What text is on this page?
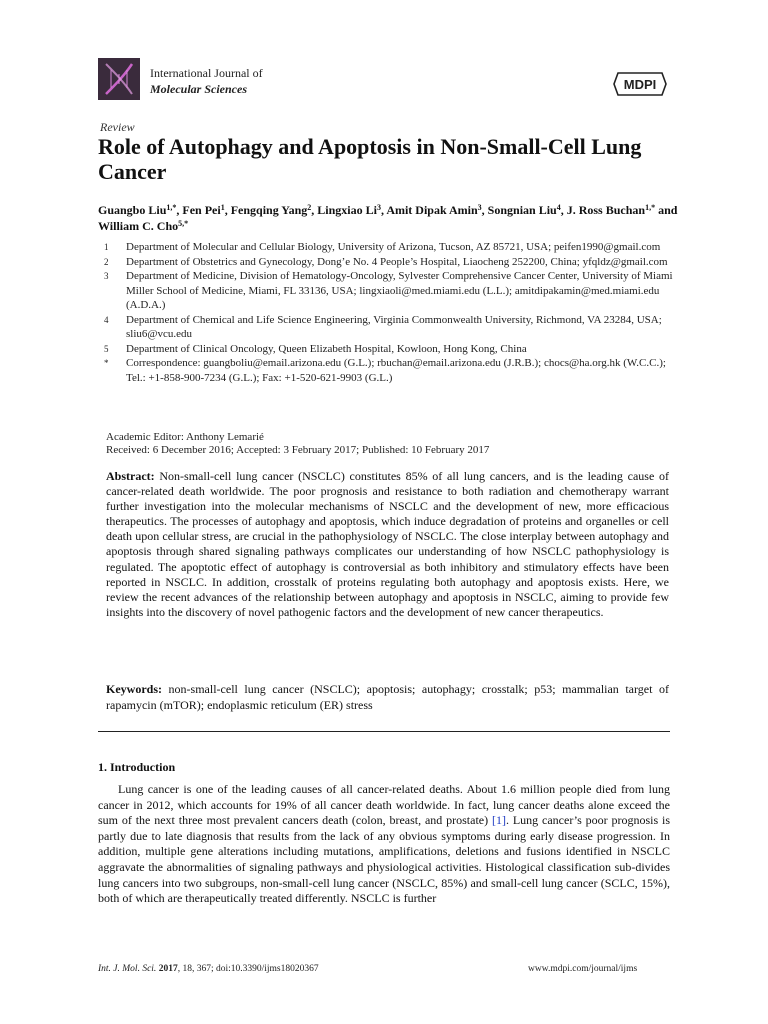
International Journal of
Molecular Sciences	MDPI
Review
Role of Autophagy and Apoptosis in Non-Small-Cell Lung Cancer
Guangbo Liu$^{1,*}$, Fen Pei$^1$, Fengqing Yang$^2$, Lingxiao Li$^3$, Amit Dipak Amin$^3$, Songnian Liu$^4$, J. Ross Buchan$^{1,*}$ and William C. Cho$^{5,*}$
1 Department of Molecular and Cellular Biology, University of Arizona, Tucson, AZ 85721, USA; peifen1990@gmail.com
2 Department of Obstetrics and Gynecology, Dong’e No. 4 People’s Hospital, Liaocheng 252200, China; yfqldz@gmail.com
3 Department of Medicine, Division of Hematology-Oncology, Sylvester Comprehensive Cancer Center, University of Miami Miller School of Medicine, Miami, FL 33136, USA; lingxiaoli@med.miami.edu (L.L.); amitdipakamin@med.miami.edu (A.D.A.)
4 Department of Chemical and Life Science Engineering, Virginia Commonwealth University, Richmond, VA 23284, USA; sliu6@vcu.edu
5 Department of Clinical Oncology, Queen Elizabeth Hospital, Kowloon, Hong Kong, China
* Correspondence: guangboliu@email.arizona.edu (G.L.); rbuchan@email.arizona.edu (J.R.B.); chocs@ha.org.hk (W.C.C.); Tel.: +1-858-900-7234 (G.L.); Fax: +1-520-621-9903 (G.L.)
Academic Editor: Anthony Lemarié
Received: 6 December 2016; Accepted: 3 February 2017; Published: 10 February 2017
Abstract: Non-small-cell lung cancer (NSCLC) constitutes 85% of all lung cancers, and is the leading cause of cancer-related death worldwide. The poor prognosis and resistance to both radiation and chemotherapy warrant further investigation into the molecular mechanisms of NSCLC and the development of new, more efficacious therapeutics. The processes of autophagy and apoptosis, which induce degradation of proteins and organelles or cell death upon cellular stress, are crucial in the pathophysiology of NSCLC. The close interplay between autophagy and apoptosis through shared signaling pathways complicates our understanding of how NSCLC pathophysiology is regulated. The apoptotic effect of autophagy is controversial as both inhibitory and stimulatory effects have been reported in NSCLC. In addition, crosstalk of proteins regulating both autophagy and apoptosis exists. Here, we review the recent advances of the relationship between autophagy and apoptosis in NSCLC, aiming to provide few insights into the discovery of novel pathogenic factors and the development of new cancer therapeutics.
Keywords: non-small-cell lung cancer (NSCLC); apoptosis; autophagy; crosstalk; p53; mammalian target of rapamycin (mTOR); endoplasmic reticulum (ER) stress
1. Introduction
Lung cancer is one of the leading causes of all cancer-related deaths. About 1.6 million people died from lung cancer in 2012, which accounts for 19% of all cancer death worldwide. In fact, lung cancer deaths alone exceed the sum of the next three most prevalent cancers death (colon, breast, and prostate) [1]. Lung cancer’s poor prognosis is partly due to late diagnosis that results from the lack of any obvious symptoms during early disease progression. In addition, multiple gene alterations including mutations, amplifications, deletions and fusions identified in NSCLC aggravate the abnormalities of signaling pathways and physiological activities. Histological classification sub-divides lung cancers into two subgroups, non-small-cell lung cancer (NSCLC, 85%) and small-cell lung cancer (SCLC, 15%), both of which are therapeutically treated differently. NSCLC is further
Int. J. Mol. Sci. 2017, 18, 367; doi:10.3390/ijms18020367	www.mdpi.com/journal/ijms
